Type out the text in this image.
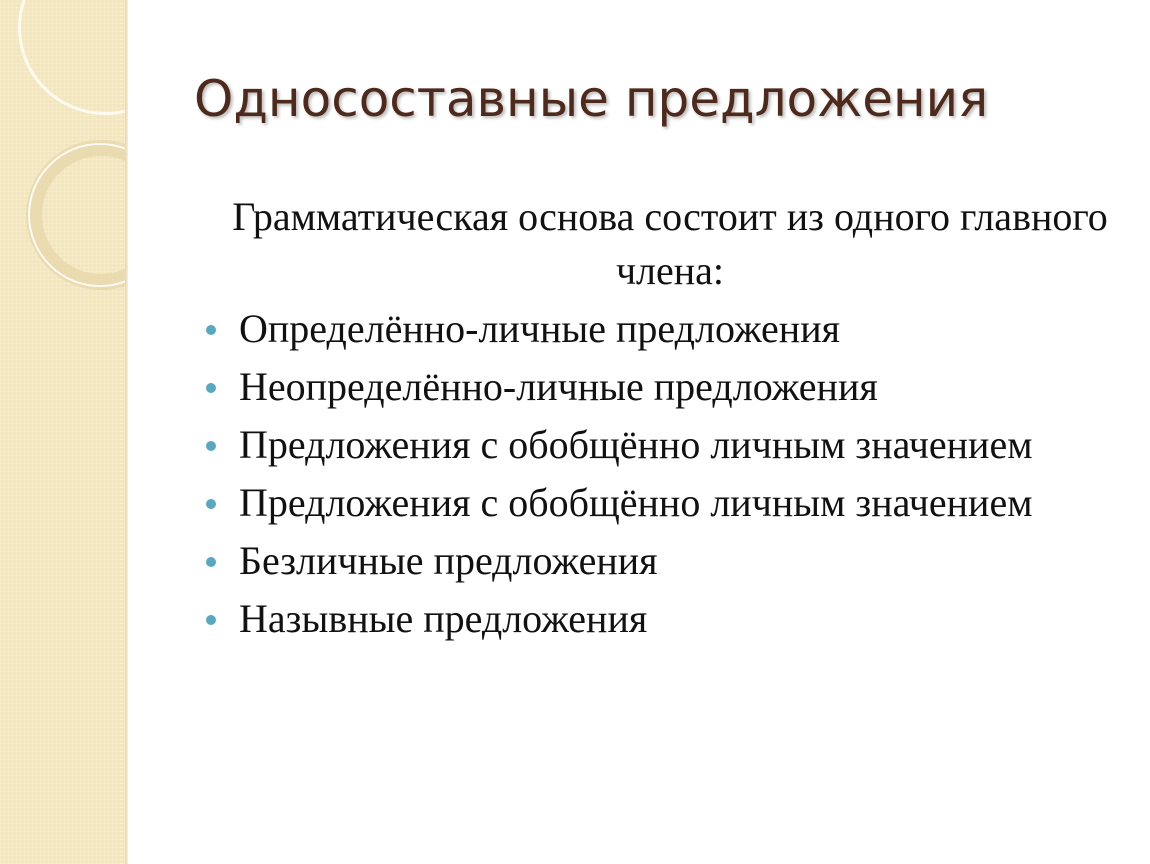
Односоставные предложения

Грамматическая основа состоит из одного главного члена:

Определённо-личные предложения
Неопределённо-личные предложения
Предложения с обобщённо личным значением
Предложения с обобщённо личным значением
Безличные предложения
Назывные предложения
